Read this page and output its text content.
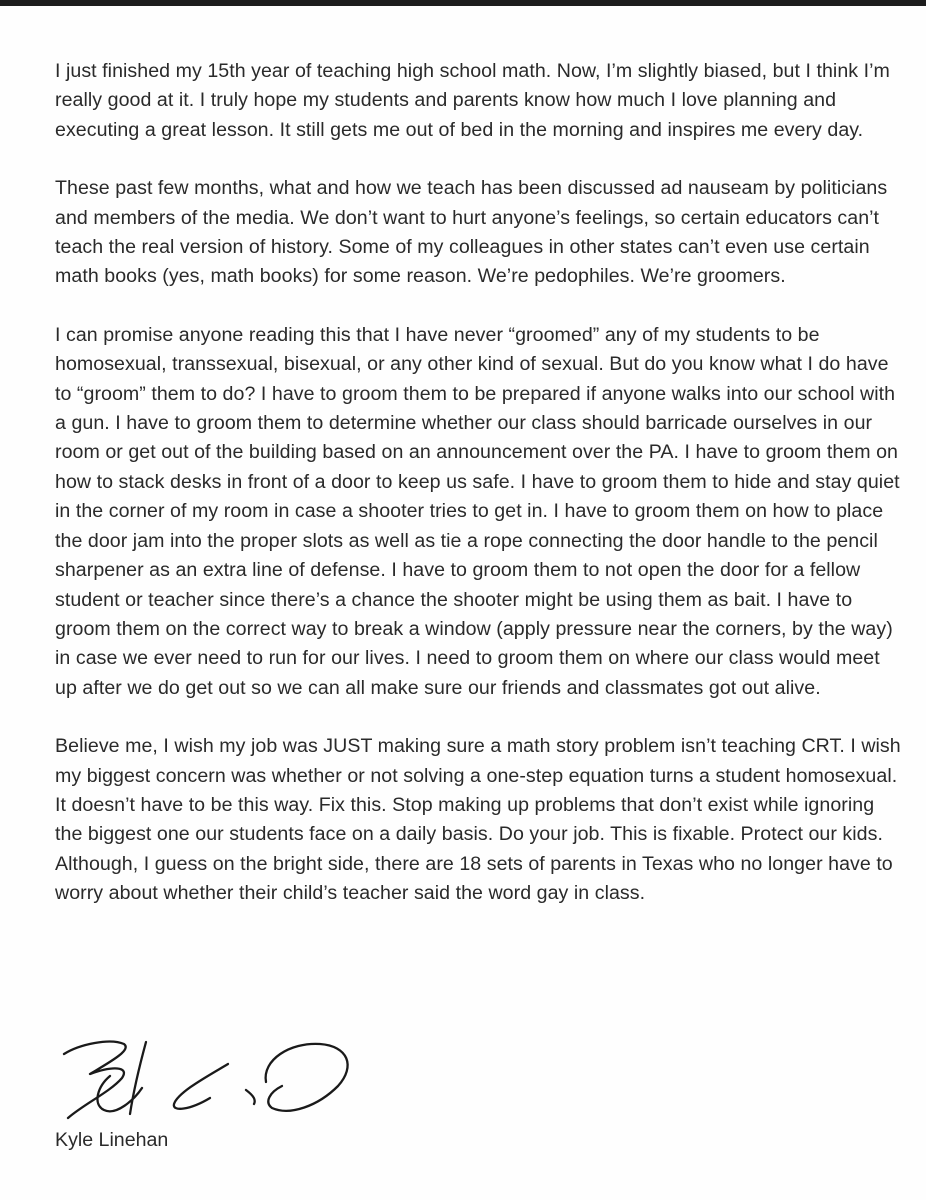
I just finished my 15th year of teaching high school math. Now, I’m slightly biased, but I think I’m really good at it. I truly hope my students and parents know how much I love planning and executing a great lesson. It still gets me out of bed in the morning and inspires me every day.

These past few months, what and how we teach has been discussed ad nauseam by politicians and members of the media. We don’t want to hurt anyone’s feelings, so certain educators can’t teach the real version of history. Some of my colleagues in other states can’t even use certain math books (yes, math books) for some reason. We’re pedophiles. We’re groomers.

I can promise anyone reading this that I have never “groomed” any of my students to be homosexual, transsexual, bisexual, or any other kind of sexual. But do you know what I do have to “groom” them to do? I have to groom them to be prepared if anyone walks into our school with a gun. I have to groom them to determine whether our class should barricade ourselves in our room or get out of the building based on an announcement over the PA. I have to groom them on how to stack desks in front of a door to keep us safe. I have to groom them to hide and stay quiet in the corner of my room in case a shooter tries to get in. I have to groom them on how to place the door jam into the proper slots as well as tie a rope connecting the door handle to the pencil sharpener as an extra line of defense. I have to groom them to not open the door for a fellow student or teacher since there’s a chance the shooter might be using them as bait. I have to groom them on the correct way to break a window (apply pressure near the corners, by the way) in case we ever need to run for our lives. I need to groom them on where our class would meet up after we do get out so we can all make sure our friends and classmates got out alive.

Believe me, I wish my job was JUST making sure a math story problem isn’t teaching CRT. I wish my biggest concern was whether or not solving a one-step equation turns a student homosexual. It doesn’t have to be this way. Fix this. Stop making up problems that don’t exist while ignoring the biggest one our students face on a daily basis. Do your job. This is fixable. Protect our kids. Although, I guess on the bright side, there are 18 sets of parents in Texas who no longer have to worry about whether their child’s teacher said the word gay in class.

Kyle Linehan
